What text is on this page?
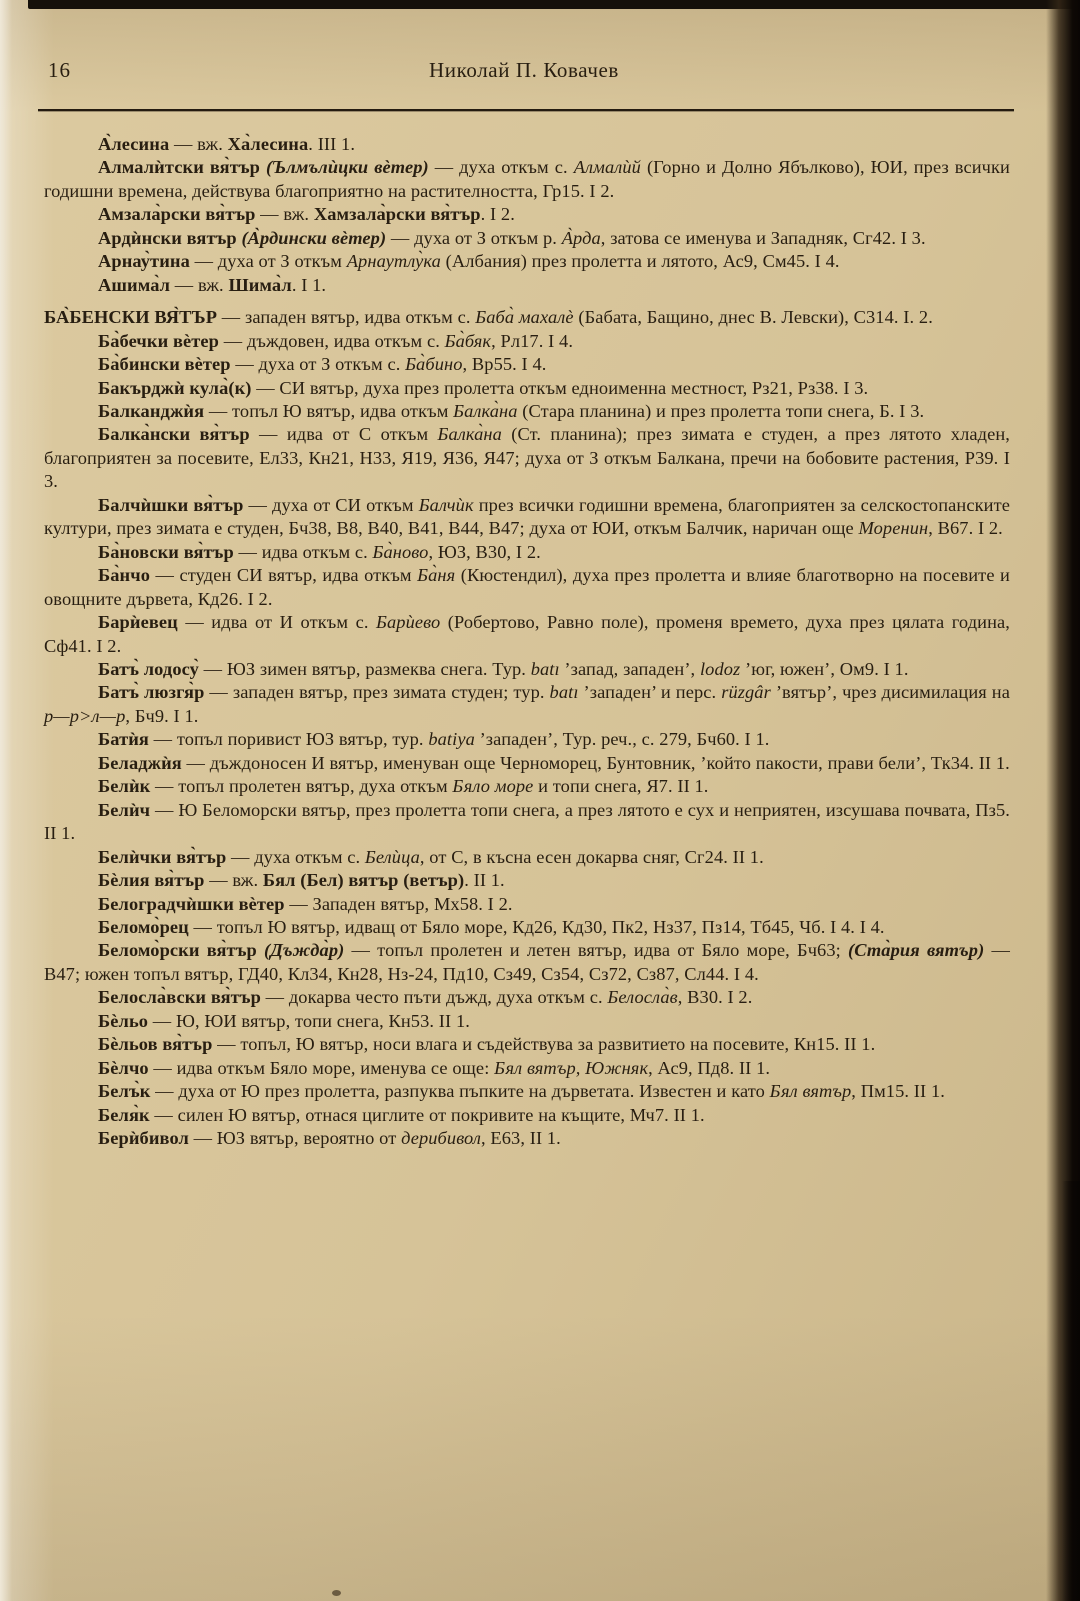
16	Николай П. Ковачев

А̀лесина — вж. Ха̀лесина. III 1.

Алмалѝтски вя̀тър (Ълмълѝцки вѐтер) — духа откъм с. Алмалѝй (Горно и Долно Ябълково), ЮИ, през всички годишни времена, действува благоприятно на растителността, Гр15. I 2.

Амзала̀рски вя̀тър — вж. Хамзала̀рски вя̀тър. I 2.

Ардѝнски вятър (А̀рдински вѐтер) — духа от З откъм р. А̀рда, затова се именува и Западняк, Сг42. I 3.

Арнау̀тина — духа от З откъм Арнаутлу̀ка (Албания) през пролетта и лятото, Ас9, См45. I 4.

Ашима̀л — вж. Шима̀л. I 1.

БА̀БЕНСКИ ВЯ̀ТЪР — западен вятър, идва откъм с. Баба̀ махалѐ (Бабата, Бащино, днес В. Левски), С314. I. 2.

Ба̀бечки вѐтер — дъждовен, идва откъм с. Ба̀бяк, Рл17. I 4.

Ба̀бински вѐтер — духа от З откъм с. Ба̀бино, Вр55. I 4.

Бакърджѝ кула̀(к) — СИ вятър, духа през пролетта откъм едноименна местност, Рз21, Рз38. I 3.

Балканджѝя — топъл Ю вятър, идва откъм Балка̀на (Стара планина) и през пролетта топи снега, Б. I 3.

Балка̀нски вя̀тър — идва от С откъм Балка̀на (Ст. планина); през зимата е студен, а през лятото хладен, благоприятен за посевите, Ел33, Кн21, Н33, Я19, Я36, Я47; духа от З откъм Балкана, пречи на бобовите растения, Р39. I 3.

Балчѝшки вя̀тър — духа от СИ откъм Балчѝк през всички годишни времена, благоприятен за селскостопанските култури, през зимата е студен, Бч38, В8, В40, В41, В44, В47; духа от ЮИ, откъм Балчик, наричан още Моренин, В67. I 2.

Ба̀новски вя̀тър — идва откъм с. Ба̀ново, ЮЗ, В30, I 2.

Ба̀нчо — студен СИ вятър, идва откъм Ба̀ня (Кюстендил), духа през пролетта и влияе благотворно на посевите и овощните дървета, Кд26. I 2.

Барѝевец — идва от И откъм с. Барѝево (Робертово, Равно поле), променя времето, духа през цялата година, Сф41. I 2.

Батъ̀ лодосу̀ — ЮЗ зимен вятър, размеква снега. Тур. batı ’запад, западен’, lodoz ’юг, южен’, Ом9. I 1.

Батъ̀ люзгя̀р — западен вятър, през зимата студен; тур. batı ’западен’ и перс. rüzgâr ’вятър’, чрез дисимилация на р—р>л—р, Бч9. I 1.

Батѝя — топъл поривист ЮЗ вятър, тур. batiya ’западен’, Тур. реч., с. 279, Бч60. I 1.

Беладжѝя — дъждоносен И вятър, именуван още Черноморец, Бунтовник, ’който пакости, прави бели’, Тк34. II 1.

Белѝк — топъл пролетен вятър, духа откъм Бяло море и топи снега, Я7. II 1.

Белѝч — Ю Беломорски вятър, през пролетта топи снега, а през лятото е сух и неприятен, изсушава почвата, Пз5. II 1.

Белѝчки вя̀тър — духа откъм с. Белѝца, от С, в късна есен докарва сняг, Сг24. II 1.

Бѐлия вя̀тър — вж. Бял (Бел) вятър (ветър). II 1.

Белоградчѝшки вѐтер — Западен вятър, Мх58. I 2.

Беломо̀рец — топъл Ю вятър, идващ от Бяло море, Кд26, Кд30, Пк2, Нз37, Пз14, Тб45, Чб. I 4. I 4.

Беломо̀рски вя̀тър (Дъжда̀р) — топъл пролетен и летен вятър, идва от Бяло море, Бч63; (Ста̀рия вятър) — В47; южен топъл вятър, ГД40, Кл34, Кн28, Нз-24, Пд10, Сз49, Сз54, Сз72, Сз87, Сл44. I 4.

Белосла̀вски вя̀тър — докарва често пъти дъжд, духа откъм с. Белосла̀в, В30. I 2.

Бѐльо — Ю, ЮИ вятър, топи снега, Кн53. II 1.

Бѐльов вя̀тър — топъл, Ю вятър, носи влага и съдействува за развитието на посевите, Кн15. II 1.

Бѐлчо — идва откъм Бяло море, именува се още: Бял вятър, Южняк, Ас9, Пд8. II 1.

Белъ̀к — духа от Ю през пролетта, разпуква пъпките на дърветата. Известен и като Бял вятър, Пм15. II 1.

Беля̀к — силен Ю вятър, отнася циглите от покривите на къщите, Мч7. II 1.

Берѝбивол — ЮЗ вятър, вероятно от дерибивол, Е63, II 1.
